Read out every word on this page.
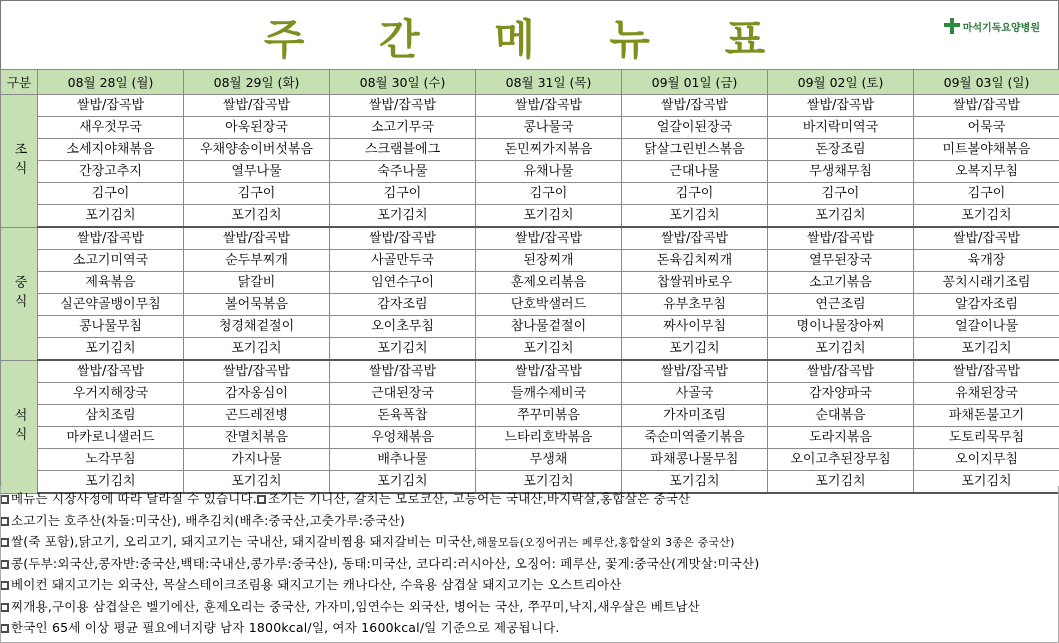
주 간 메 뉴 표	마석기독요양병원
구분	08월 28일 (월)	08월 29일 (화)	08월 30일 (수)	08월 31일 (목)	09월 01일 (금)	09월 02일 (토)	09월 03일 (일)
조식	쌀밥/잡곡밥	쌀밥/잡곡밥	쌀밥/잡곡밥	쌀밥/잡곡밥	쌀밥/잡곡밥	쌀밥/잡곡밥	쌀밥/잡곡밥
	새우젓무국	아욱된장국	소고기무국	콩나물국	얼갈이된장국	바지락미역국	어묵국
	소세지야채볶음	우채양송이버섯볶음	스크램블에그	돈민찌가지볶음	닭살그린빈스볶음	돈장조림	미트볼야채볶음
	간장고추지	열무나물	숙주나물	유채나물	근대나물	무생채무침	오복지무침
	김구이	김구이	김구이	김구이	김구이	김구이	김구이
	포기김치	포기김치	포기김치	포기김치	포기김치	포기김치	포기김치
중식	쌀밥/잡곡밥	쌀밥/잡곡밥	쌀밥/잡곡밥	쌀밥/잡곡밥	쌀밥/잡곡밥	쌀밥/잡곡밥	쌀밥/잡곡밥
	소고기미역국	순두부찌개	사골만두국	된장찌개	돈육김치찌개	열무된장국	육개장
	제육볶음	닭갈비	임연수구이	훈제오리볶음	찹쌀꿔바로우	소고기볶음	꽁치시래기조림
	실곤약골뱅이무침	볼어묵볶음	감자조림	단호박샐러드	유부초무침	연근조림	알감자조림
	콩나물무침	청경채겉절이	오이초무침	참나물겉절이	짜사이무침	명이나물장아찌	얼갈이나물
	포기김치	포기김치	포기김치	포기김치	포기김치	포기김치	포기김치
석식	쌀밥/잡곡밥	쌀밥/잡곡밥	쌀밥/잡곡밥	쌀밥/잡곡밥	쌀밥/잡곡밥	쌀밥/잡곡밥	쌀밥/잡곡밥
	우거지해장국	감자옹심이	근대된장국	들깨수제비국	사골국	감자양파국	유채된장국
	삼치조림	곤드레전병	돈육폭찹	쭈꾸미볶음	가자미조림	순대볶음	파채돈불고기
	마카로니샐러드	잔멸치볶음	우엉채볶음	느타리호박볶음	죽순미역줄기볶음	도라지볶음	도토리묵무침
	노각무침	가지나물	배추나물	무생채	파채콩나물무침	오이고추된장무침	오이지무침
	포기김치	포기김치	포기김치	포기김치	포기김치	포기김치	포기김치
메뉴는 시장사정에 따라 달라질 수 있습니다. 조기는 기니산, 갈치는 모로코산, 고등어는 국내산,바지락살,홍합살은 중국산
소고기는 호주산(차돌:미국산), 배추김치(배추:중국산,고춧가루:중국산)
쌀(죽 포함),닭고기, 오리고기, 돼지고기는 국내산, 돼지갈비찜용 돼지갈비는 미국산,해물모듬(오징어귀는 페루산,홍합살외 3종은 중국산)
콩(두부:외국산,콩자반:중국산,백태:국내산,콩가루:중국산), 동태:미국산, 코다리:러시아산, 오징어: 페루산, 꽃게:중국산(게맛살:미국산)
베이컨 돼지고기는 외국산, 목살스테이크조림용 돼지고기는 캐나다산, 수육용 삼겹살 돼지고기는 오스트리아산
찌개용,구이용 삼겹살은 벨기에산, 훈제오리는 중국산, 가자미,임연수는 외국산, 병어는 국산, 쭈꾸미,낙지,새우살은 베트남산
한국인 65세 이상 평균 필요에너지량 남자 1800kcal/일, 여자 1600kcal/일 기준으로 제공됩니다.
